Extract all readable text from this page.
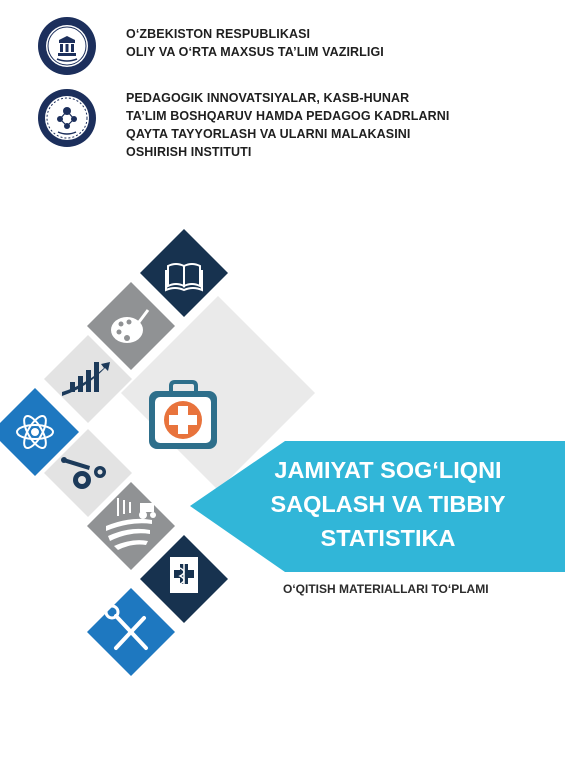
O‘ZBEKISTON RESPUBLIKASI
OLIY VA O‘RTA MAXSUS TA’LIM VAZIRLIGI

PEDAGOGIK INNOVATSIYALAR, KASB-HUNAR
TA’LIM BOSHQARUV HAMDA PEDAGOG KADRLARNI
QAYTA TAYYORLASH VA ULARNI MALAKASINI
OSHIRISH INSTITUTI

JAMIYAT SOG‘LIQNI
SAQLASH VA TIBBIY
STATISTIKA

O‘QITISH MATERIALLARI TO‘PLAMI
